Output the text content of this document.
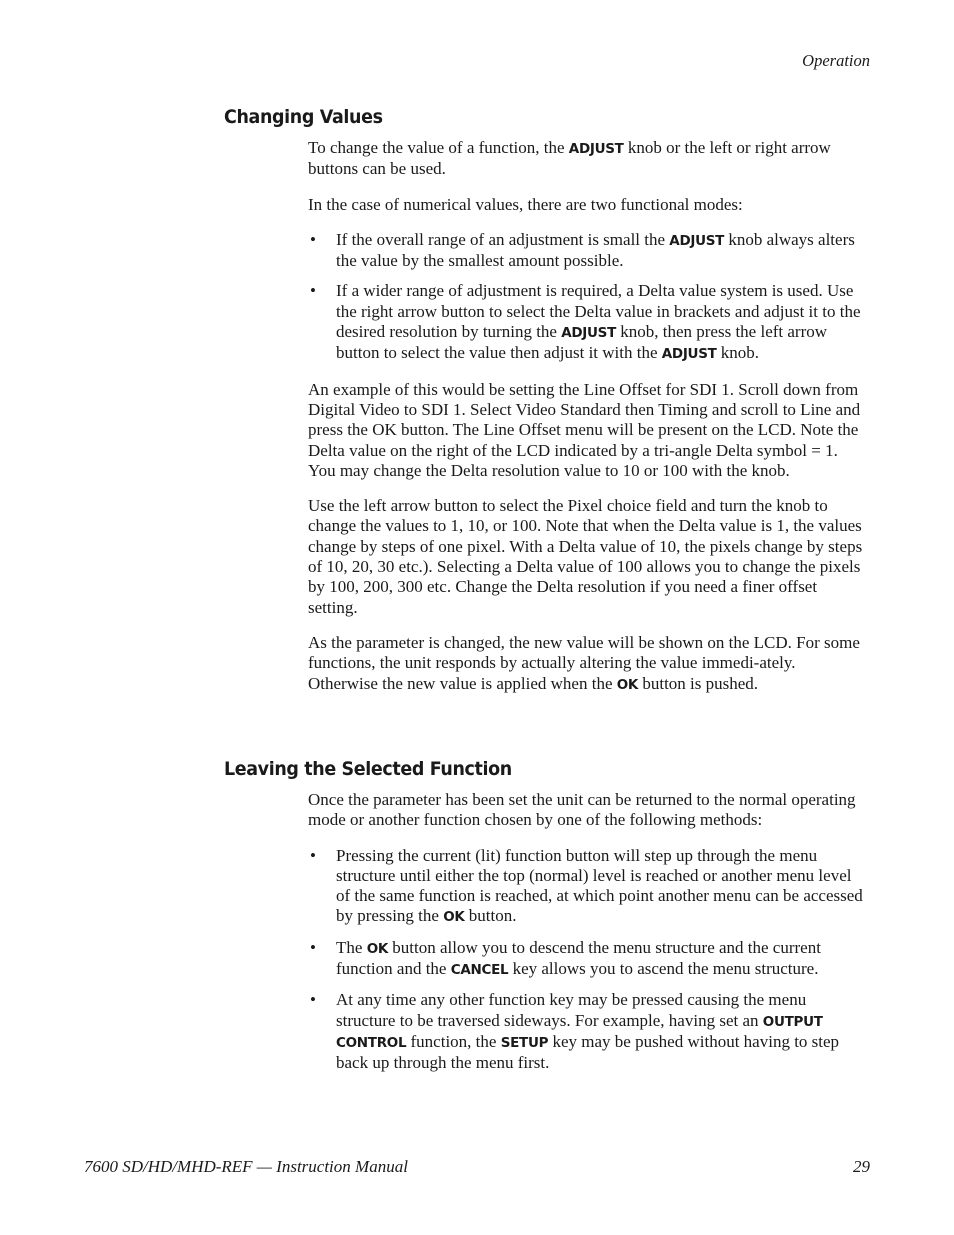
Operation
Changing Values

To change the value of a function, the ADJUST knob or the left or right arrow buttons can be used.

In the case of numerical values, there are two functional modes:

• If the overall range of an adjustment is small the ADJUST knob always alters the value by the smallest amount possible.
• If a wider range of adjustment is required, a Delta value system is used. Use the right arrow button to select the Delta value in brackets and adjust it to the desired resolution by turning the ADJUST knob, then press the left arrow button to select the value then adjust it with the ADJUST knob.

An example of this would be setting the Line Offset for SDI 1. Scroll down from Digital Video to SDI 1. Select Video Standard then Timing and scroll to Line and press the OK button. The Line Offset menu will be present on the LCD. Note the Delta value on the right of the LCD indicated by a tri-angle Delta symbol = 1. You may change the Delta resolution value to 10 or 100 with the knob.

Use the left arrow button to select the Pixel choice field and turn the knob to change the values to 1, 10, or 100. Note that when the Delta value is 1, the values change by steps of one pixel. With a Delta value of 10, the pixels change by steps of 10, 20, 30 etc.). Selecting a Delta value of 100 allows you to change the pixels by 100, 200, 300 etc. Change the Delta resolution if you need a finer offset setting.

As the parameter is changed, the new value will be shown on the LCD. For some functions, the unit responds by actually altering the value immedi-ately. Otherwise the new value is applied when the OK button is pushed.

Leaving the Selected Function

Once the parameter has been set the unit can be returned to the normal operating mode or another function chosen by one of the following methods:

• Pressing the current (lit) function button will step up through the menu structure until either the top (normal) level is reached or another menu level of the same function is reached, at which point another menu can be accessed by pressing the OK button.
• The OK button allow you to descend the menu structure and the current function and the CANCEL key allows you to ascend the menu structure.
• At any time any other function key may be pressed causing the menu structure to be traversed sideways. For example, having set an OUTPUT CONTROL function, the SETUP key may be pushed without having to step back up through the menu first.
7600 SD/HD/MHD-REF — Instruction Manual	29
